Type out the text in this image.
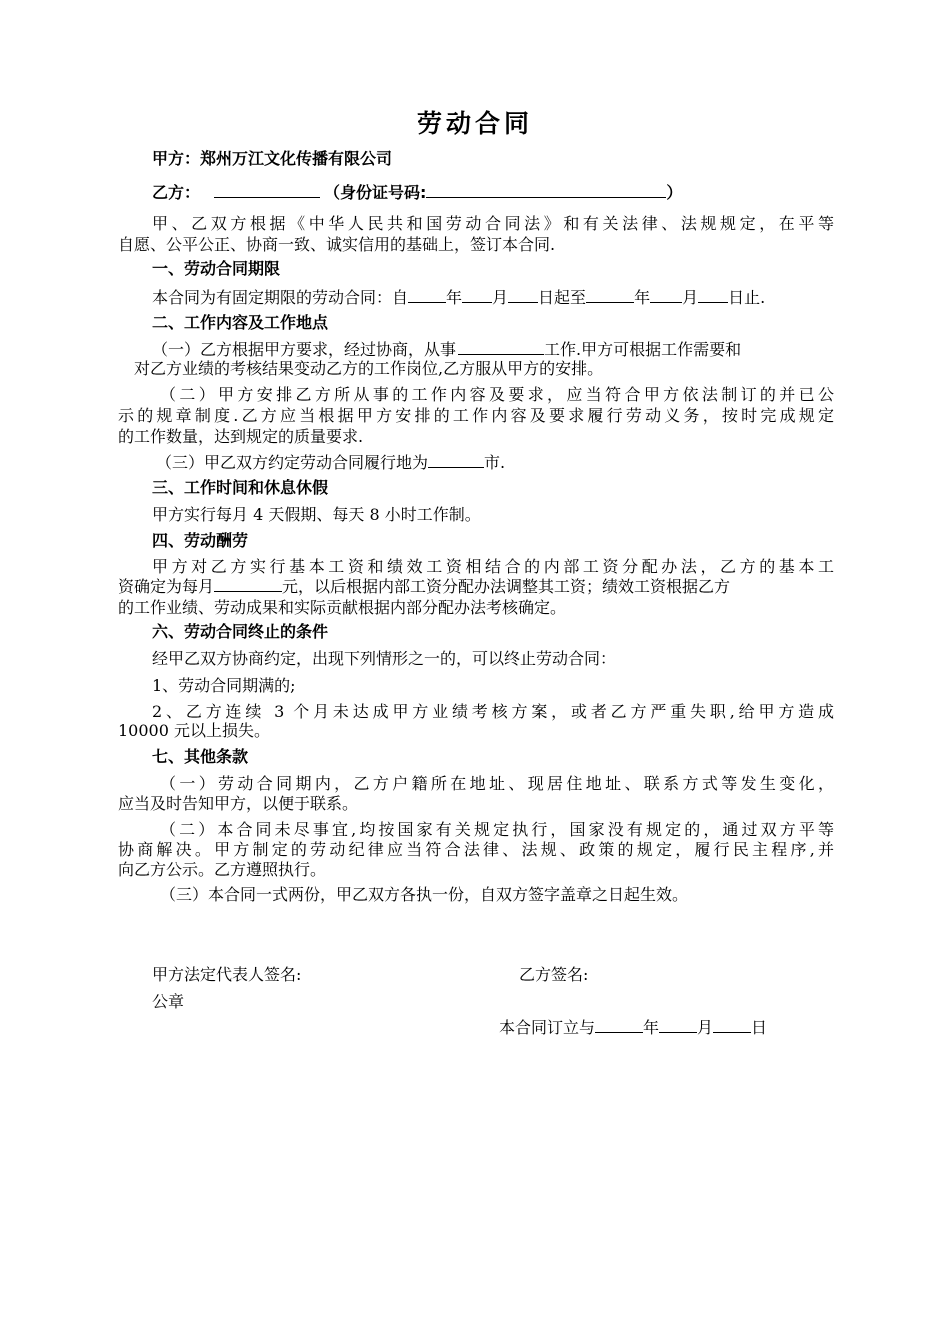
劳动合同
甲方：郑州万江文化传播有限公司
乙方：	（身份证号码:	）
甲、乙双方根据《中华人民共和国劳动合同法》和有关法律、法规规定，在平等
自愿、公平公正、协商一致、诚实信用的基础上，签订本合同.
一、劳动合同期限
本合同为有固定期限的劳动合同：自 年 月 日起至	年 月 日止.
二、工作内容及工作地点
（一）乙方根据甲方要求，经过协商，从事	工作.甲方可根据工作需要和
对乙方业绩的考核结果变动乙方的工作岗位,乙方服从甲方的安排。
（二）甲方安排乙方所从事的工作内容及要求，应当符合甲方依法制订的并已公
示的规章制度.乙方应当根据甲方安排的工作内容及要求履行劳动义务，按时完成规定
的工作数量，达到规定的质量要求.
（三）甲乙双方约定劳动合同履行地为	市.
三、工作时间和休息休假
甲方实行每月 4 天假期、每天 8 小时工作制。
四、劳动酬劳
甲方对乙方实行基本工资和绩效工资相结合的内部工资分配办法，乙方的基本工
资确定为每月	元，以后根据内部工资分配办法调整其工资；绩效工资根据乙方
的工作业绩、劳动成果和实际贡献根据内部分配办法考核确定。
六、劳动合同终止的条件
经甲乙双方协商约定，出现下列情形之一的，可以终止劳动合同：
1、劳动合同期满的;
2、乙方连续 3 个月未达成甲方业绩考核方案，或者乙方严重失职,给甲方造成
10000 元以上损失。
七、其他条款
（一）劳动合同期内，乙方户籍所在地址、现居住地址、联系方式等发生变化，
应当及时告知甲方，以便于联系。
（二）本合同未尽事宜,均按国家有关规定执行，国家没有规定的，通过双方平等
协商解决。甲方制定的劳动纪律应当符合法律、法规、政策的规定，履行民主程序,并
向乙方公示。乙方遵照执行。
（三）本合同一式两份，甲乙双方各执一份，自双方签字盖章之日起生效。
甲方法定代表人签名:	乙方签名:
公章
本合同订立与	年 月 日
